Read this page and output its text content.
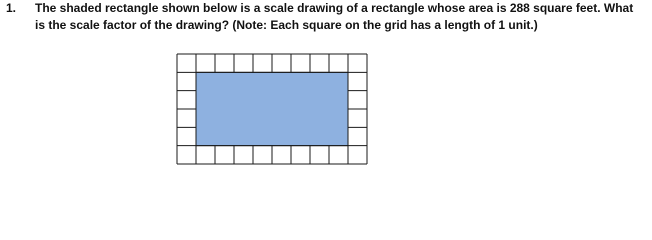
1. The shaded rectangle shown below is a scale drawing of a rectangle whose area is 288 square feet. What is the scale factor of the drawing? (Note: Each square on the grid has a length of 1 unit.)
